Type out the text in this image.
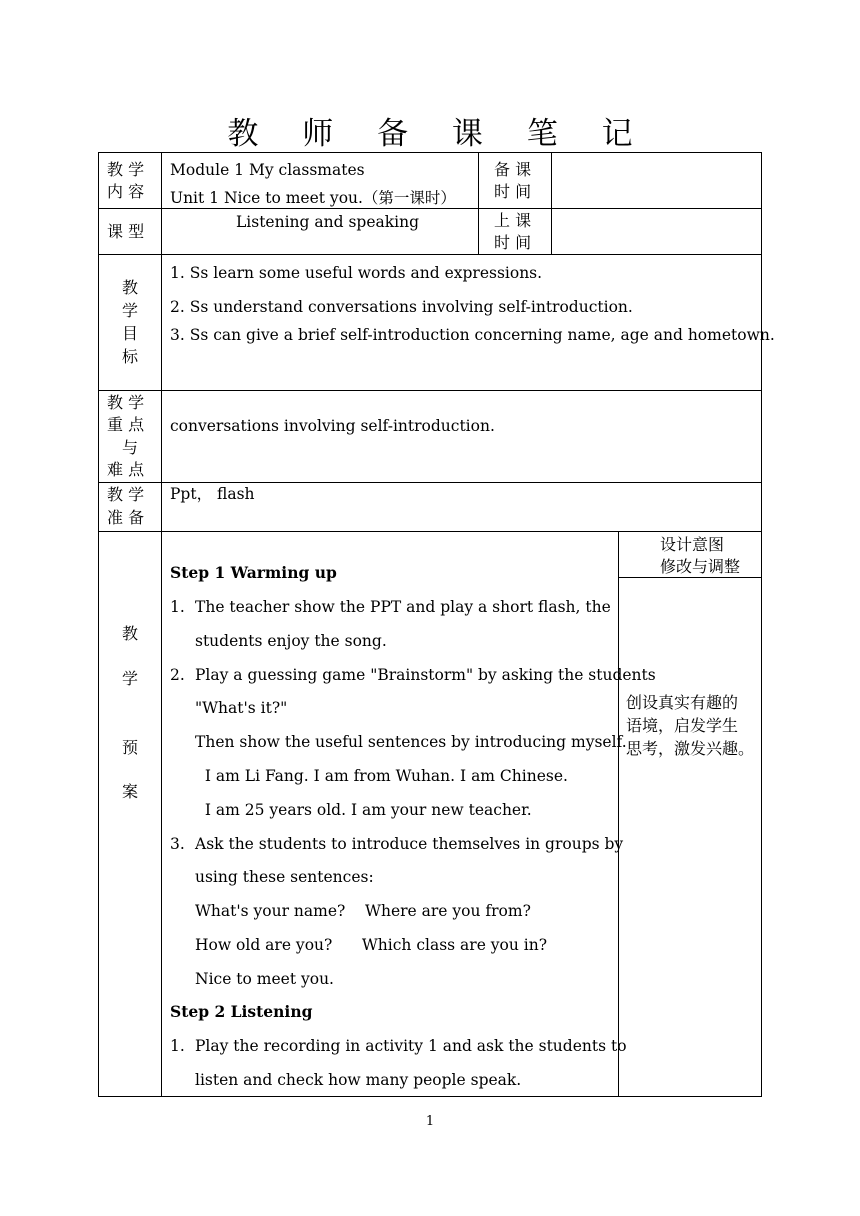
教 师 备 课 笔 记
教 学
内 容
Module 1 My classmates
Unit 1 Nice to meet you.（第一课时）
备 课
时 间
课 型	Listening and speaking	上 课
时 间
教
学
目
标
1. Ss learn some useful words and expressions.
2. Ss understand conversations involving self-introduction.
3. Ss can give a brief self-introduction concerning name, age and hometown.
教 学
重 点
与
难 点
conversations involving self-introduction.
教 学
准 备
Ppt， flash
教
学
预
案
设计意图
修改与调整
创设真实有趣的
语境，启发学生
思考，激发兴趣。
Step 1 Warming up
1. The teacher show the PPT and play a short flash, the
students enjoy the song.
2. Play a guessing game "Brainstorm" by asking the students
"What's it?"
Then show the useful sentences by introducing myself.
I am Li Fang. I am from Wuhan. I am Chinese.
I am 25 years old. I am your new teacher.
3. Ask the students to introduce themselves in groups by
using these sentences:
What's your name?    Where are you from?
How old are you?      Which class are you in?
Nice to meet you.
Step 2 Listening
1. Play the recording in activity 1 and ask the students to
listen and check how many people speak.
1
